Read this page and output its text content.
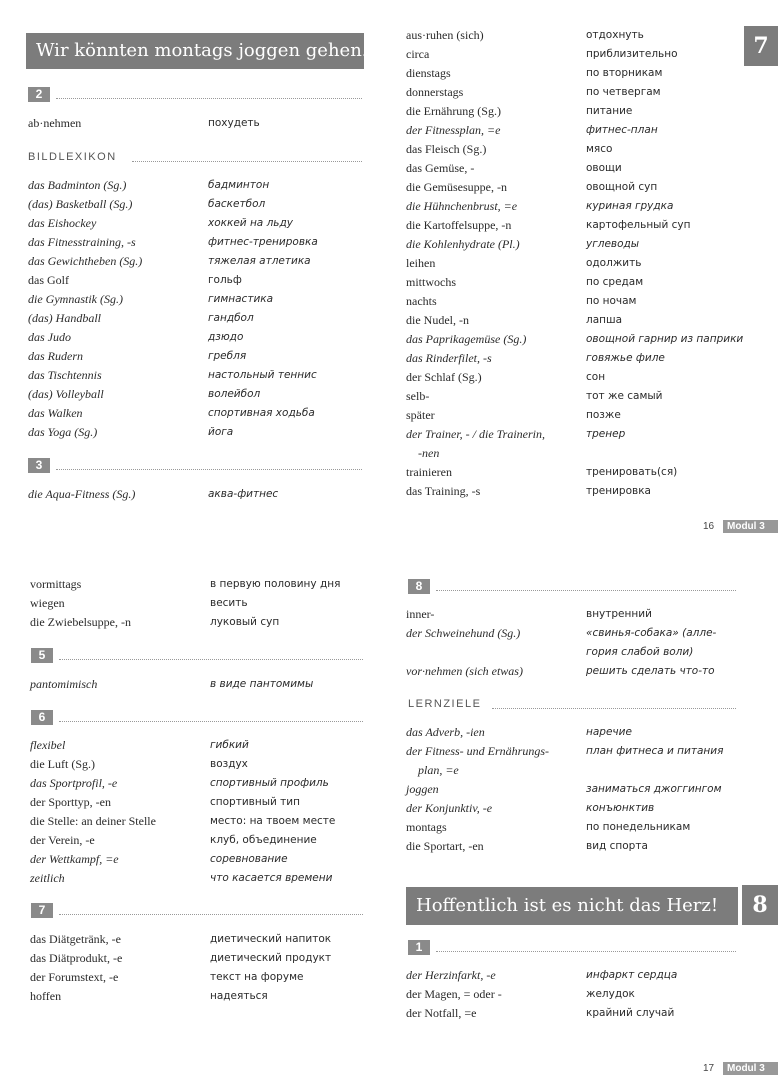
Wir könnten montags joggen gehen.
2
ab·nehmen	похудеть
BILDLEXIKON
das Badminton (Sg.)	бадминтон
(das) Basketball (Sg.)	баскетбол
das Eishockey	хоккей на льду
das Fitnesstraining, -s	фитнес-тренировка
das Gewichtheben (Sg.)	тяжелая атлетика
das Golf	гольф
die Gymnastik (Sg.)	гимнастика
(das) Handball	гандбол
das Judo	дзюдо
das Rudern	гребля
das Tischtennis	настольный теннис
(das) Volleyball	волейбол
das Walken	спортивная ходьба
das Yoga (Sg.)	йога
3
die Aqua-Fitness (Sg.)	аква-фитнес
7
aus·ruhen (sich)	отдохнуть
circa	приблизительно
dienstags	по вторникам
donnerstags	по четвергам
die Ernährung (Sg.)	питание
der Fitnessplan, =e	фитнес-план
das Fleisch (Sg.)	мясо
das Gemüse, -	овощи
die Gemüsesuppe, -n	овощной суп
die Hühnchenbrust, =e	куриная грудка
die Kartoffelsuppe, -n	картофельный суп
die Kohlenhydrate (Pl.)	углеводы
leihen	одолжить
mittwochs	по средам
nachts	по ночам
die Nudel, -n	лапша
das Paprikagemüse (Sg.)	овощной гарнир из паприки
das Rinderfilet, -s	говяжье филе
der Schlaf (Sg.)	сон
selb-	тот же самый
später	позже
der Trainer, - / die Trainerin,	тренер
-nen
trainieren	тренировать(ся)
das Training, -s	тренировка
16	Modul 3
vormittags	в первую половину дня
wiegen	весить
die Zwiebelsuppe, -n	луковый суп
5
pantomimisch	в виде пантомимы
6
flexibel	гибкий
die Luft (Sg.)	воздух
das Sportprofil, -e	спортивный профиль
der Sporttyp, -en	спортивный тип
die Stelle: an deiner Stelle	место: на твоем месте
der Verein, -e	клуб, объединение
der Wettkampf, =e	соревнование
zeitlich	что касается времени
7
das Diätgetränk, -e	диетический напиток
das Diätprodukt, -e	диетический продукт
der Forumstext, -e	текст на форуме
hoffen	надеяться
8
inner-	внутренний
der Schweinehund (Sg.)	«свинья-собака» (алле-
гория слабой воли)
vor·nehmen (sich etwas)	решить сделать что-то
LERNZIELE
das Adverb, -ien	наречие
der Fitness- und Ernährungs-	план фитнеса и питания
plan, =e
joggen	заниматься джоггингом
der Konjunktiv, -e	конъюнктив
montags	по понедельникам
die Sportart, -en	вид спорта
Hoffentlich ist es nicht das Herz!	8
1
der Herzinfarkt, -e	инфаркт сердца
der Magen, = oder -	желудок
der Notfall, =e	крайний случай
17	Modul 3
